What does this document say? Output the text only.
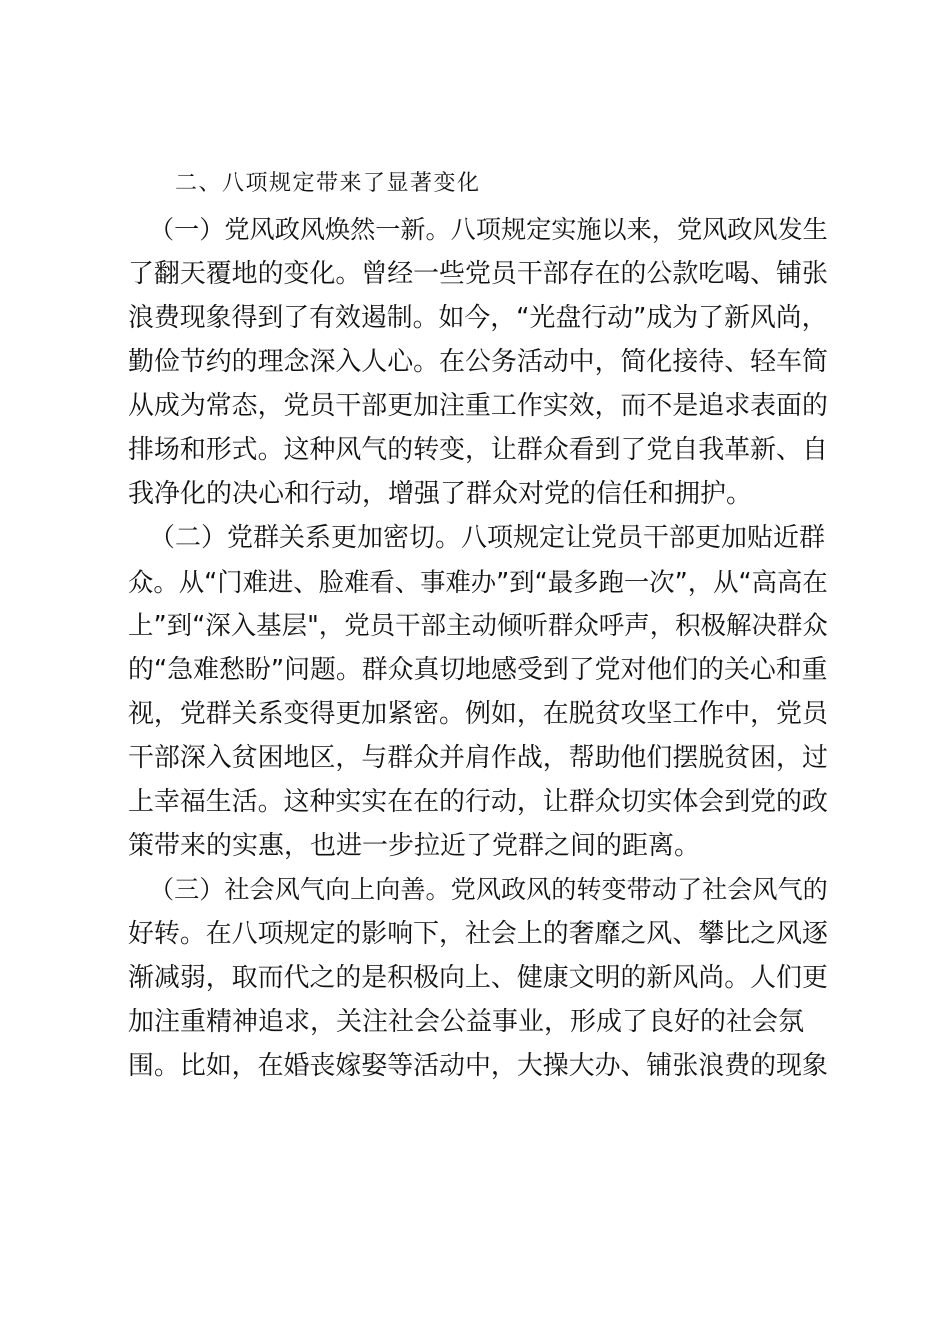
二、八项规定带来了显著变化

（一）党风政风焕然一新。八项规定实施以来，党风政风发生
了翻天覆地的变化。曾经一些党员干部存在的公款吃喝、铺张
浪费现象得到了有效遏制。如今，“光盘行动”成为了新风尚，
勤俭节约的理念深入人心。在公务活动中，简化接待、轻车简
从成为常态，党员干部更加注重工作实效，而不是追求表面的
排场和形式。这种风气的转变，让群众看到了党自我革新、自
我净化的决心和行动，增强了群众对党的信任和拥护。
（二）党群关系更加密切。八项规定让党员干部更加贴近群
众。从“门难进、脸难看、事难办”到“最多跑一次”，从“高高在
上”到“深入基层"，党员干部主动倾听群众呼声，积极解决群众
的“急难愁盼”问题。群众真切地感受到了党对他们的关心和重
视，党群关系变得更加紧密。例如，在脱贫攻坚工作中，党员
干部深入贫困地区，与群众并肩作战，帮助他们摆脱贫困，过
上幸福生活。这种实实在在的行动，让群众切实体会到党的政
策带来的实惠，也进一步拉近了党群之间的距离。
（三）社会风气向上向善。党风政风的转变带动了社会风气的
好转。在八项规定的影响下，社会上的奢靡之风、攀比之风逐
渐减弱，取而代之的是积极向上、健康文明的新风尚。人们更
加注重精神追求，关注社会公益事业，形成了良好的社会氛
围。比如，在婚丧嫁娶等活动中，大操大办、铺张浪费的现象
